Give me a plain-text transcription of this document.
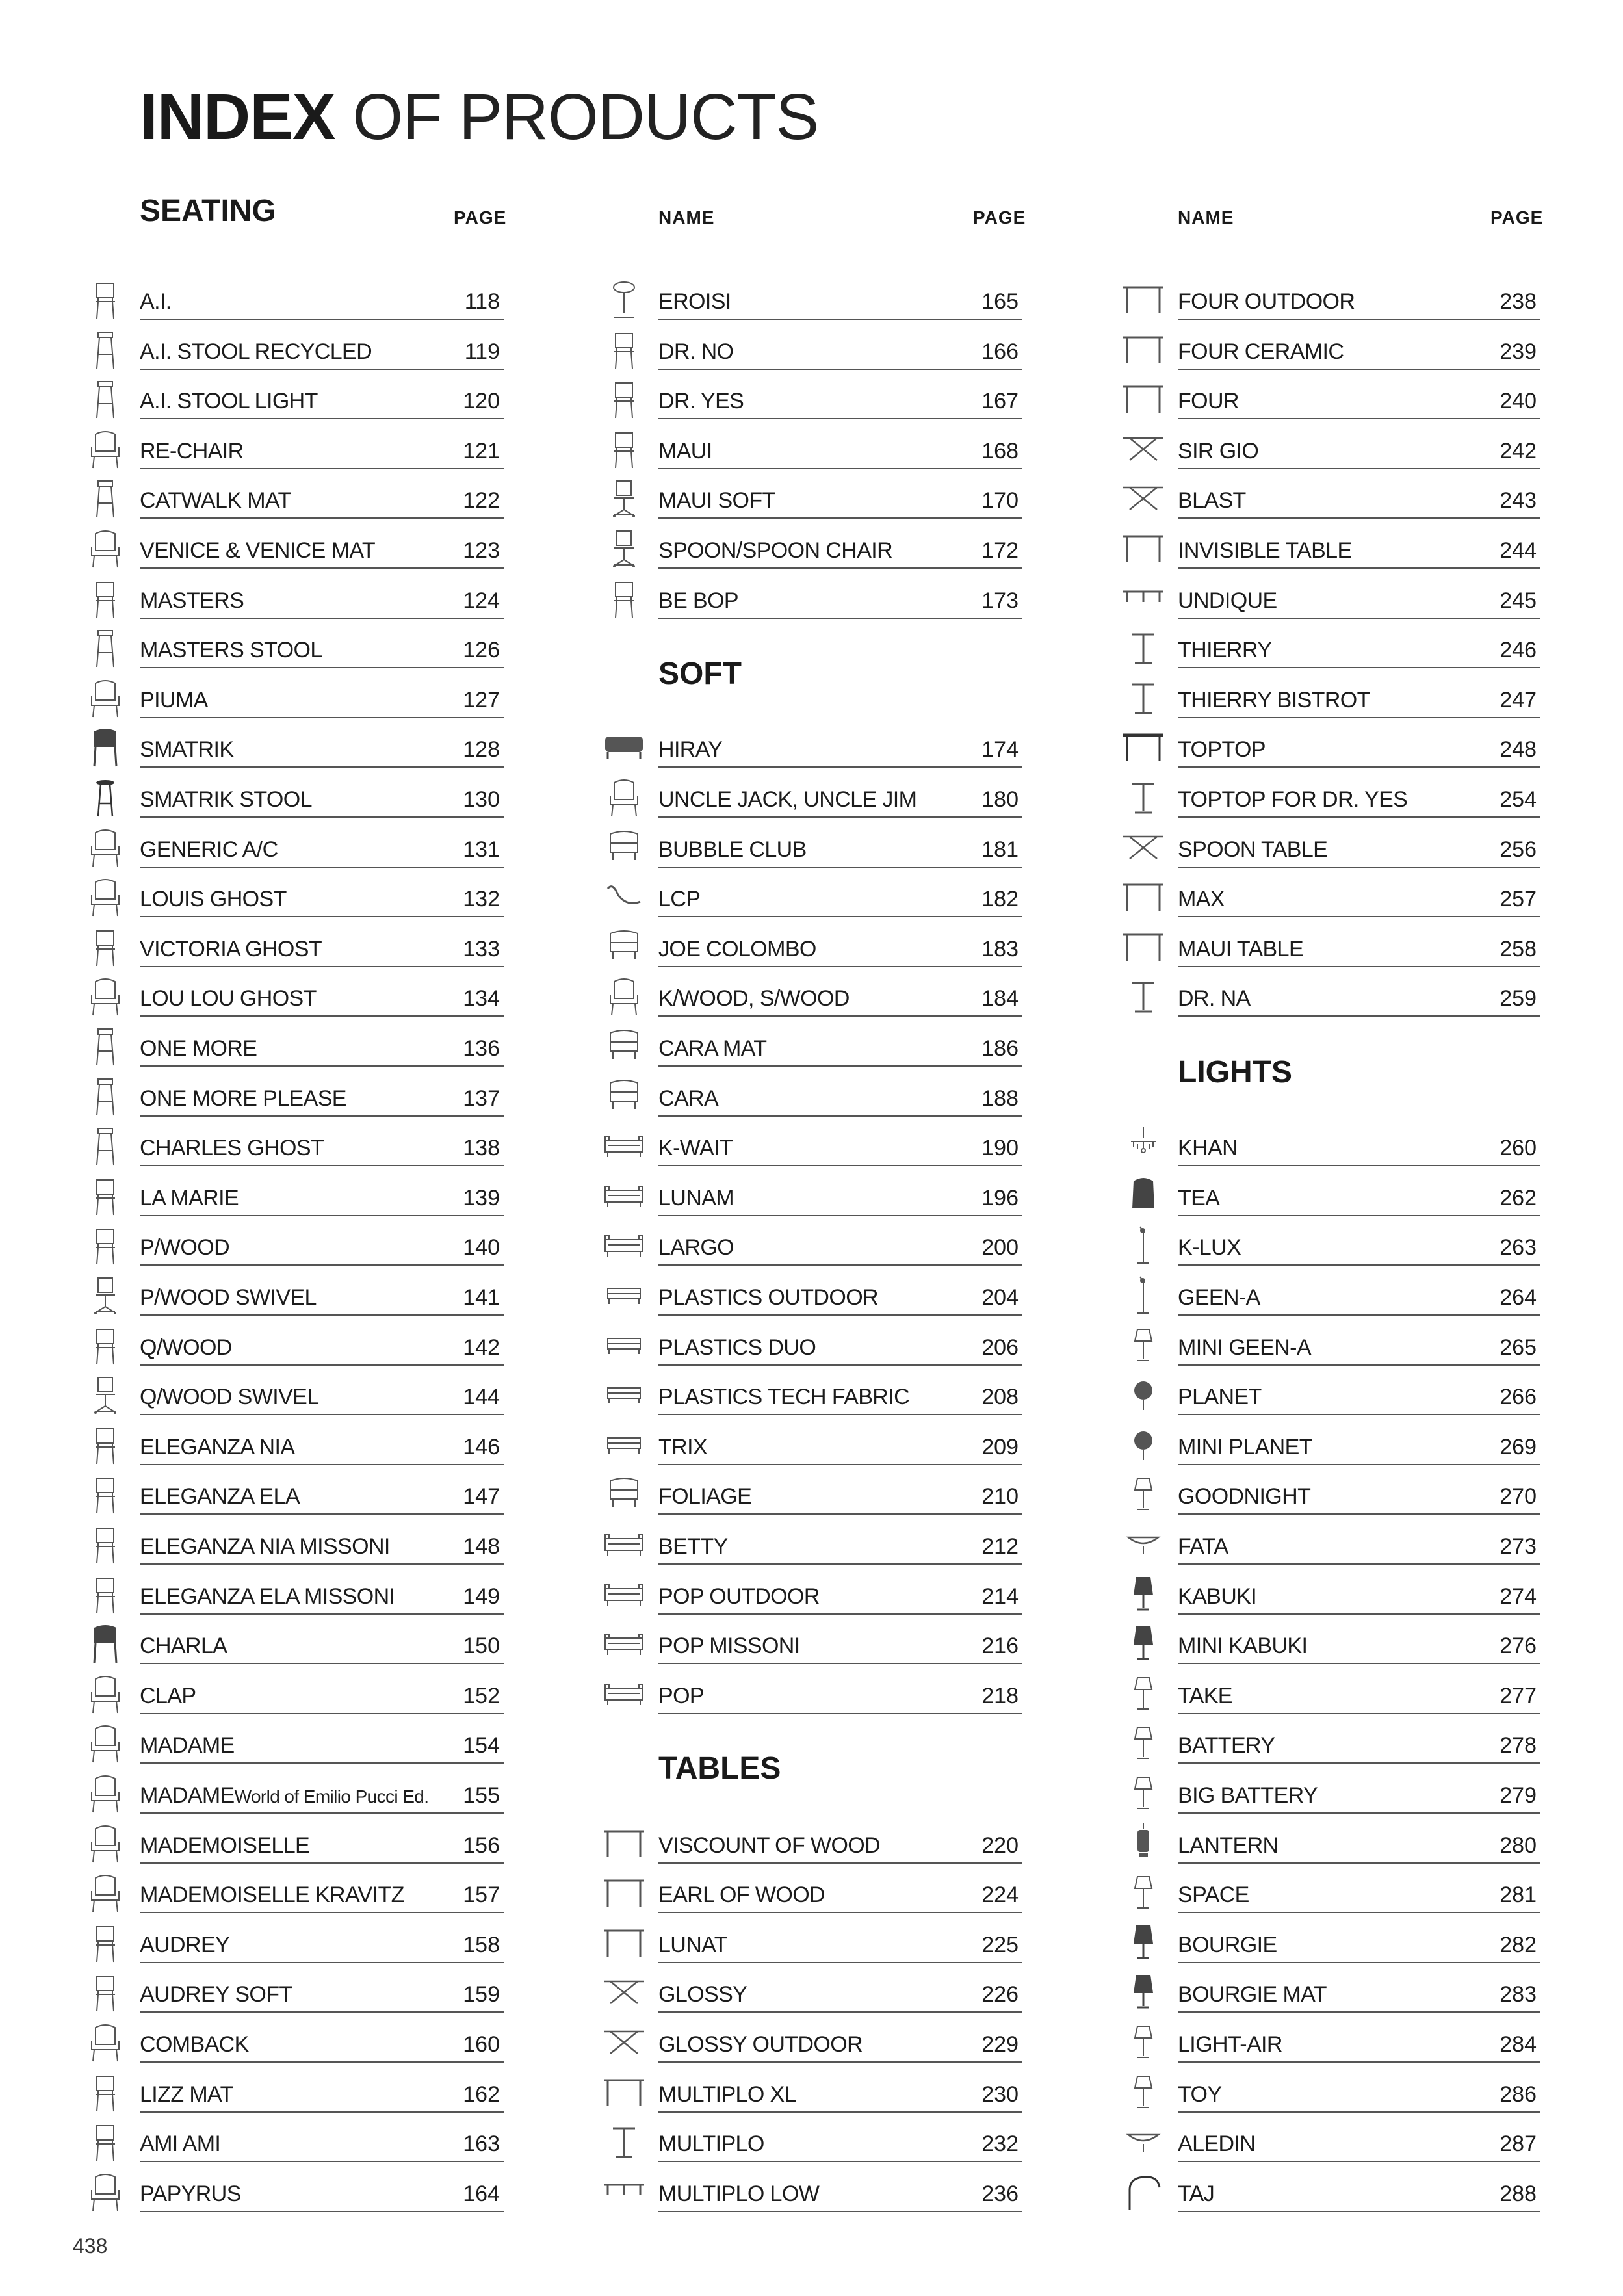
INDEX OF PRODUCTS
SEATING	PAGE	NAME	PAGE
SOFT
TABLES
NAME	PAGE
LIGHTS
A.I.	118
A.I. STOOL RECYCLED	119
A.I. STOOL LIGHT	120
RE-CHAIR	121
CATWALK MAT	122
VENICE & VENICE MAT	123
MASTERS	124
MASTERS STOOL	126
PIUMA	127
SMATRIK	128
SMATRIK STOOL	130
GENERIC A/C	131
LOUIS GHOST	132
VICTORIA GHOST	133
LOU LOU GHOST	134
ONE MORE	136
ONE MORE PLEASE	137
CHARLES GHOST	138
LA MARIE	139
P/WOOD	140
P/WOOD SWIVEL	141
Q/WOOD	142
Q/WOOD SWIVEL	144
ELEGANZA NIA	146
ELEGANZA ELA	147
ELEGANZA NIA MISSONI	148
ELEGANZA ELA MISSONI	149
CHARLA	150
CLAP	152
MADAME	154
MADAMEWorld of Emilio Pucci Ed. 155
MADEMOISELLE	156
MADEMOISELLE KRAVITZ	157
AUDREY	158
AUDREY SOFT	159
COMBACK	160
LIZZ MAT	162
AMI AMI	163
PAPYRUS	164
EROISI	165
DR. NO	166
DR. YES	167
MAUI	168
MAUI SOFT	170
SPOON/SPOON CHAIR	172
BE BOP	173
HIRAY	174
UNCLE JACK, UNCLE JIM	180
BUBBLE CLUB	181
LCP	182
JOE COLOMBO	183
K/WOOD, S/WOOD	184
CARA MAT	186
CARA	188
K-WAIT	190
LUNAM	196
LARGO	200
PLASTICS OUTDOOR	204
PLASTICS DUO	206
PLASTICS TECH FABRIC	208
TRIX	209
FOLIAGE	210
BETTY	212
POP OUTDOOR	214
POP MISSONI	216
POP	218
VISCOUNT OF WOOD	220
EARL OF WOOD	224
LUNAT	225
GLOSSY	226
GLOSSY OUTDOOR	229
MULTIPLO XL	230
MULTIPLO	232
MULTIPLO LOW	236
FOUR OUTDOOR	238
FOUR CERAMIC	239
FOUR	240
SIR GIO	242
BLAST	243
INVISIBLE TABLE	244
UNDIQUE	245
THIERRY	246
THIERRY BISTROT	247
TOPTOP	248
TOPTOP FOR DR. YES	254
SPOON TABLE	256
MAX	257
MAUI TABLE	258
DR. NA	259
KHAN	260
TEA	262
K-LUX	263
GEEN-A	264
MINI GEEN-A	265
PLANET	266
MINI PLANET	269
GOODNIGHT	270
FATA	273
KABUKI	274
MINI KABUKI	276
TAKE	277
BATTERY	278
BIG BATTERY	279
LANTERN	280
SPACE	281
BOURGIE	282
BOURGIE MAT	283
LIGHT-AIR	284
TOY	286
ALEDIN	287
TAJ	288
438
